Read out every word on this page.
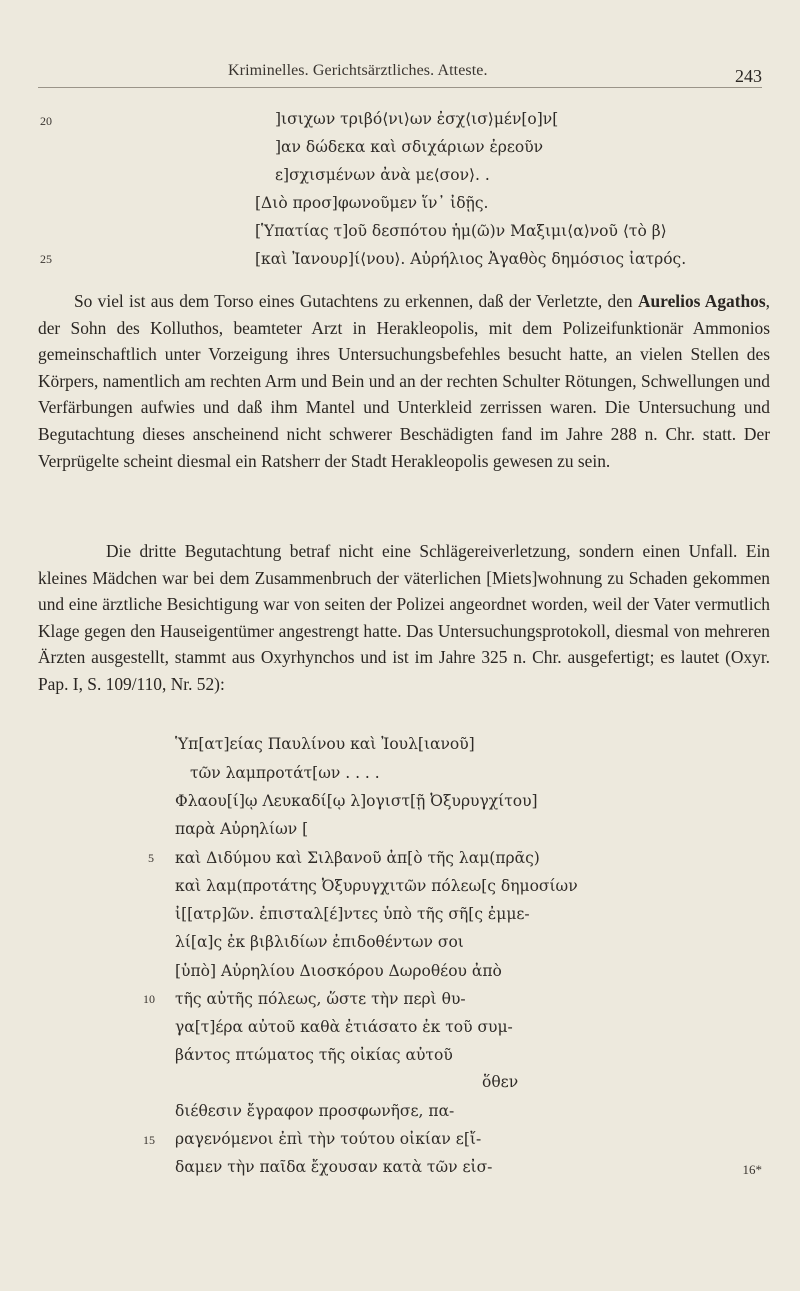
Kriminelles. Gerichtsärztliches. Atteste.	243
20
25
]ισιχων τριβό⟨νι⟩ων ἐσχ⟨ισ⟩μέν[ο]ν[
]αν δώδεκα καὶ σδιχάριων ἐρεοῦν
ε]σχισμένων ἀνὰ με⟨σον⟩. .
[Διὸ προσ]φωνοῦμεν ἵν᾽ ἰδῇς.
[Ὑπατίας τ]οῦ δεσπότου ἡμ(ῶ)ν Μαξιμι⟨α⟩νοῦ ⟨τὸ β⟩
[καὶ Ἰανουρ]ί⟨νου⟩. Αὐρήλιος Ἀγαθὸς δημόσιος ἰατρός.

So viel ist aus dem Torso eines Gutachtens zu erkennen, daß der Verletzte, den Aurelios Agathos, der Sohn des Kolluthos, beamteter Arzt in Herakleopolis, mit dem Polizeifunktionär Ammonios gemeinschaftlich unter Vorzeigung ihres Untersuchungsbefehles besucht hatte, an vielen Stellen des Körpers, namentlich am rechten Arm und Bein und an der rechten Schulter Rötungen, Schwellungen und Verfärbungen aufwies und daß ihm Mantel und Unterkleid zerrissen waren. Die Untersuchung und Begutachtung dieses anscheinend nicht schwerer Beschädigten fand im Jahre 288 n. Chr. statt. Der Verprügelte scheint diesmal ein Ratsherr der Stadt Herakleopolis gewesen zu sein.

Die dritte Begutachtung betraf nicht eine Schlägereiverletzung, sondern einen Unfall. Ein kleines Mädchen war bei dem Zusammenbruch der väterlichen [Miets]wohnung zu Schaden gekommen und eine ärztliche Besichtigung war von seiten der Polizei angeordnet worden, weil der Vater vermutlich Klage gegen den Hauseigentümer angestrengt hatte. Das Untersuchungsprotokoll, diesmal von mehreren Ärzten ausgestellt, stammt aus Oxyrhynchos und ist im Jahre 325 n. Chr. ausgefertigt; es lautet (Oxyr. Pap. I, S. 109/110, Nr. 52):

5
10
15
Ὑπ[ατ]είας Παυλίνου καὶ Ἰουλ[ιανοῦ]
τῶν λαμπροτάτ[ων . . . .
Φλαου[ί]ῳ Λευκαδί[ῳ λ]ογιστ[ῇ Ὀξυρυγχίτου]
παρὰ Αὐρηλίων [
καὶ Διδύμου καὶ Σιλβανοῦ ἀπ[ὸ τῆς λαμ(πρᾶς)
καὶ λαμ(προτάτης Ὀξυρυγχιτῶν πόλεω[ς δημοσίων
ἰ[[ατρ]ῶν. ἐπισταλ[έ]ντες ὑπὸ τῆς σῆ[ς ἐμμε-
λί[α]ς ἐκ βιβλιδίων ἐπιδοθέντων σοι
[ὑπὸ] Αὐρηλίου Διοσκόρου Δωροθέου ἀπὸ
τῆς αὐτῆς πόλεως, ὥστε τὴν περὶ θυ-
γα[τ]έρα αὐτοῦ καθὰ ἐτιάσατο ἐκ τοῦ συμ-
βάντος πτώματος τῆς οἰκίας αὐτοῦ
ὅθεν
διέθεσιν ἔγραφον προσφωνῆσε, πα-
ραγενόμενοι ἐπὶ τὴν τούτου οἰκίαν ε[ἴ-
δαμεν τὴν παῖδα ἔχουσαν κατὰ τῶν εἰσ-	16*
